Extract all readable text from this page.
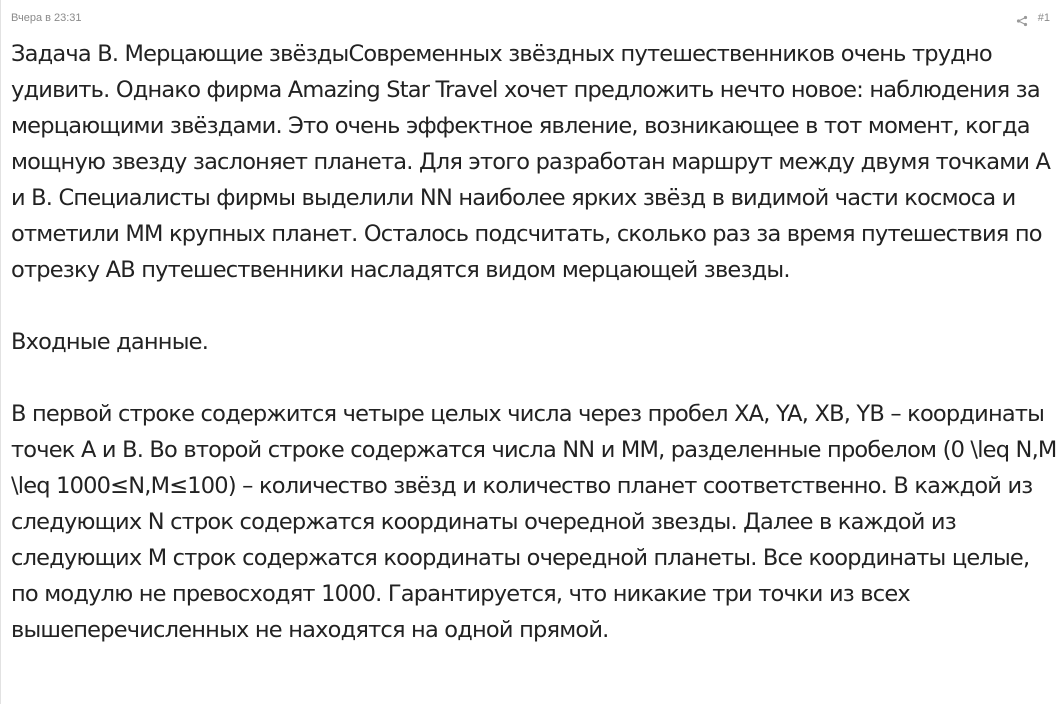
Вчера в 23:31	#1

Задача B. Мерцающие звёздыСовременных звёздных путешественников очень трудно удивить. Однако фирма Amazing Star Travel хочет предложить нечто новое: наблюдения за мерцающими звёздами. Это очень эффектное явление, возникающее в тот момент, когда мощную звезду заслоняет планета. Для этого разработан маршрут между двумя точками A и B. Специалисты фирмы выделили NN наиболее ярких звёзд в видимой части космоса и отметили MM крупных планет. Осталось подсчитать, сколько раз за время путешествия по отрезку AB путешественники насладятся видом мерцающей звезды.

Входные данные.

В первой строке содержится четыре целых числа через пробел XA, YA, XB, YB – координаты точек A и B. Во второй строке содержатся числа NN и MM, разделенные пробелом (0 \leq N,M \leq 1000≤N,M≤100) – количество звёзд и количество планет соответственно. В каждой из следующих N строк содержатся координаты очередной звезды. Далее в каждой из следующих M строк содержатся координаты очередной планеты. Все координаты целые, по модулю не превосходят 1000. Гарантируется, что никакие три точки из всех вышеперечисленных не находятся на одной прямой.
